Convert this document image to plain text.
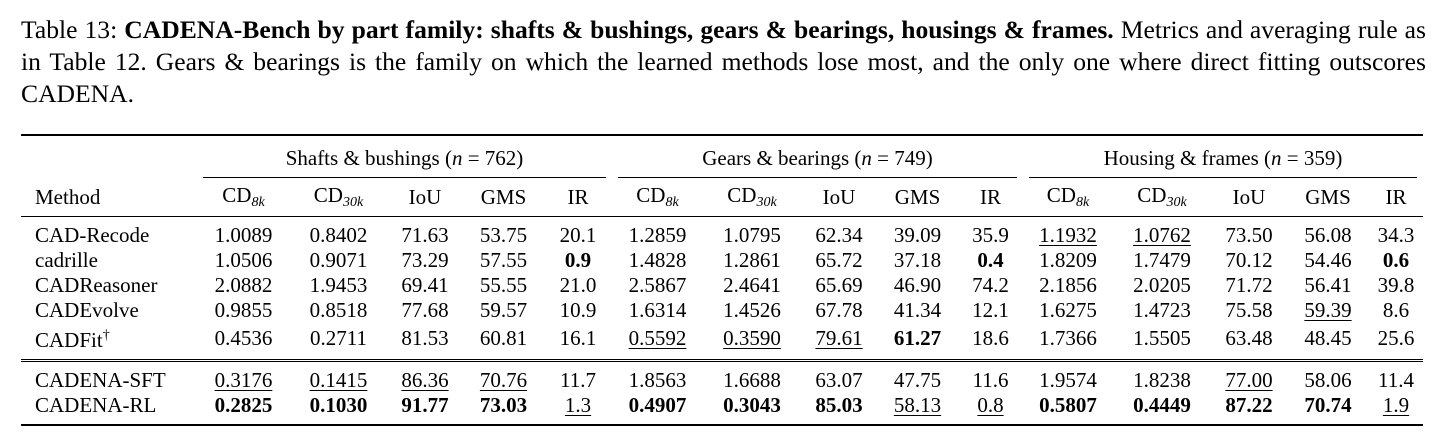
Table 13: CADENA-Bench by part family: shafts & bushings, gears & bearings, housings & frames. Metrics and averaging rule as in Table 12. Gears & bearings is the family on which the learned methods lose most, and the only one where direct fitting outscores CADENA.
	Shafts & bushings (n = 762)					Gears & bearings (n = 749)					Housing & frames (n = 359)				

Method	$CD_{8k}$	$CD_{30k}$	IoU	GMS	IR	$CD_{8k}$	$CD_{30k}$	IoU	GMS	IR	$CD_{8k}$	$CD_{30k}$	IoU	GMS	IR
CAD-Recode	1.0089	0.8402	71.63	53.75	20.1	1.2859	1.0795	62.34	39.09	35.9	1.1932	1.0762	73.50	56.08	34.3
cadrille	1.0506	0.9071	73.29	57.55	0.9	1.4828	1.2861	65.72	37.18	0.4	1.8209	1.7479	70.12	54.46	0.6
CADReasoner	2.0882	1.9453	69.41	55.55	21.0	2.5867	2.4641	65.69	46.90	74.2	2.1856	2.0205	71.72	56.41	39.8
CADEvolve	0.9855	0.8518	77.68	59.57	10.9	1.6314	1.4526	67.78	41.34	12.1	1.6275	1.4723	75.58	59.39	8.6
CADFit†	0.4536	0.2711	81.53	60.81	16.1	0.5592	0.3590	79.61	61.27	18.6	1.7366	1.5505	63.48	48.45	25.6
CADENA-SFT	0.3176	0.1415	86.36	70.76	11.7	1.8563	1.6688	63.07	47.75	11.6	1.9574	1.8238	77.00	58.06	11.4
CADENA-RL	0.2825	0.1030	91.77	73.03	1.3	0.4907	0.3043	85.03	58.13	0.8	0.5807	0.4449	87.22	70.74	1.9
